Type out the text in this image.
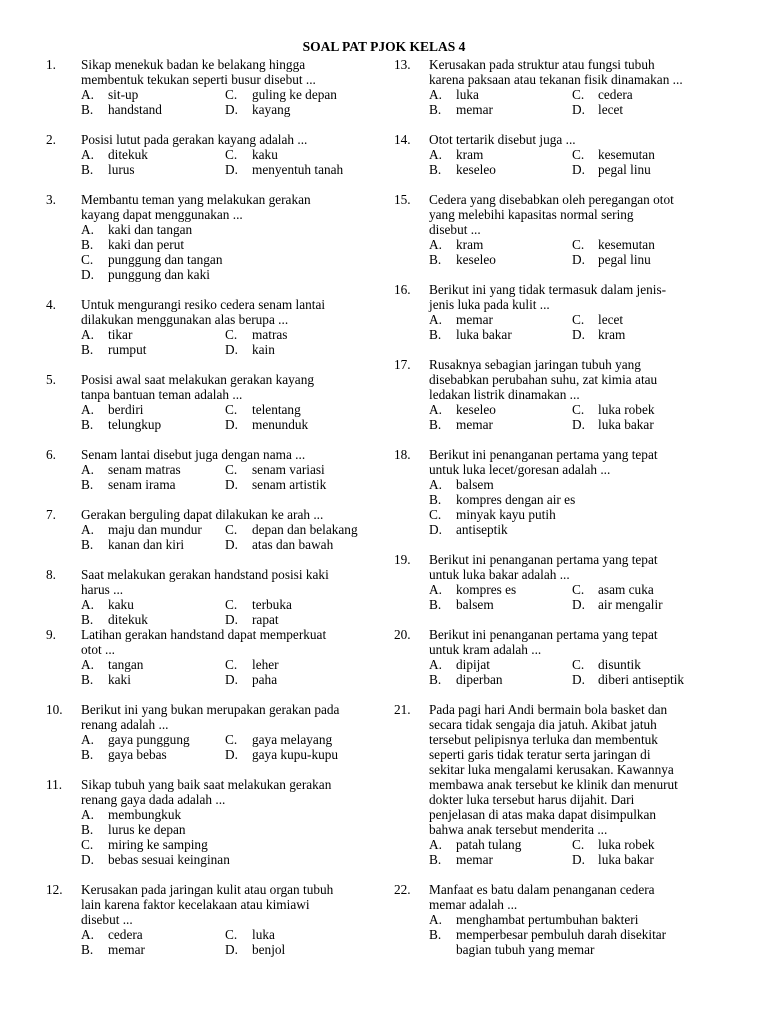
SOAL PAT PJOK KELAS 4
1. Sikap menekuk badan ke belakang hingga
membentuk tekukan seperti busur disebut ...
A. sit-up	C. guling ke depan
B. handstand	D. kayang
2. Posisi lutut pada gerakan kayang adalah ...
A. ditekuk	C. kaku
B. lurus	D. menyentuh tanah
3. Membantu teman yang melakukan gerakan
kayang dapat menggunakan ...
A. kaki dan tangan
B. kaki dan perut
C. punggung dan tangan
D. punggung dan kaki
4. Untuk mengurangi resiko cedera senam lantai
dilakukan menggunakan alas berupa ...
A. tikar	C. matras
B. rumput	D. kain
5. Posisi awal saat melakukan gerakan kayang
tanpa bantuan teman adalah ...
A. berdiri	C. telentang
B. telungkup	D. menunduk
6. Senam lantai disebut juga dengan nama ...
A. senam matras	C. senam variasi
B. senam irama	D. senam artistik
7. Gerakan berguling dapat dilakukan ke arah ...
A. maju dan mundur C. depan dan belakang
B. kanan dan kiri	D. atas dan bawah
8. Saat melakukan gerakan handstand posisi kaki
harus ...
A. kaku	C. terbuka
B. ditekuk	D. rapat
9. Latihan gerakan handstand dapat memperkuat
otot ...
A. tangan	C. leher
B. kaki	D. paha
10. Berikut ini yang bukan merupakan gerakan pada
renang adalah ...
A. gaya punggung	C. gaya melayang
B. gaya bebas	D. gaya kupu-kupu
11. Sikap tubuh yang baik saat melakukan gerakan
renang gaya dada adalah ...
A. membungkuk
B. lurus ke depan
C. miring ke samping
D. bebas sesuai keinginan
12. Kerusakan pada jaringan kulit atau organ tubuh
lain karena faktor kecelakaan atau kimiawi
disebut ...
A. cedera	C. luka
B. memar	D. benjol
13. Kerusakan pada struktur atau fungsi tubuh
karena paksaan atau tekanan fisik dinamakan ...
A. luka	C. cedera
B. memar	D. lecet
14. Otot tertarik disebut juga ...
A. kram	C. kesemutan
B. keseleo	D. pegal linu
15. Cedera yang disebabkan oleh peregangan otot
yang melebihi kapasitas normal sering
disebut ...
A. kram	C. kesemutan
B. keseleo	D. pegal linu
16. Berikut ini yang tidak termasuk dalam jenis-
jenis luka pada kulit ...
A. memar	C. lecet
B. luka bakar	D. kram
17. Rusaknya sebagian jaringan tubuh yang
disebabkan perubahan suhu, zat kimia atau
ledakan listrik dinamakan ...
A. keseleo	C. luka robek
B. memar	D. luka bakar
18. Berikut ini penanganan pertama yang tepat
untuk luka lecet/goresan adalah ...
A. balsem
B. kompres dengan air es
C. minyak kayu putih
D. antiseptik
19. Berikut ini penanganan pertama yang tepat
untuk luka bakar adalah ...
A. kompres es	C. asam cuka
B. balsem	D. air mengalir
20. Berikut ini penanganan pertama yang tepat
untuk kram adalah ...
A. dipijat	C. disuntik
B. diperban	D. diberi antiseptik
21. Pada pagi hari Andi bermain bola basket dan
secara tidak sengaja dia jatuh. Akibat jatuh
tersebut pelipisnya terluka dan membentuk
seperti garis tidak teratur serta jaringan di
sekitar luka mengalami kerusakan. Kawannya
membawa anak tersebut ke klinik dan menurut
dokter luka tersebut harus dijahit. Dari
penjelasan di atas maka dapat disimpulkan
bahwa anak tersebut menderita ...
A. patah tulang	C. luka robek
B. memar	D. luka bakar
22. Manfaat es batu dalam penanganan cedera
memar adalah ...
A. menghambat pertumbuhan bakteri
B. memperbesar pembuluh darah disekitar
bagian tubuh yang memar
